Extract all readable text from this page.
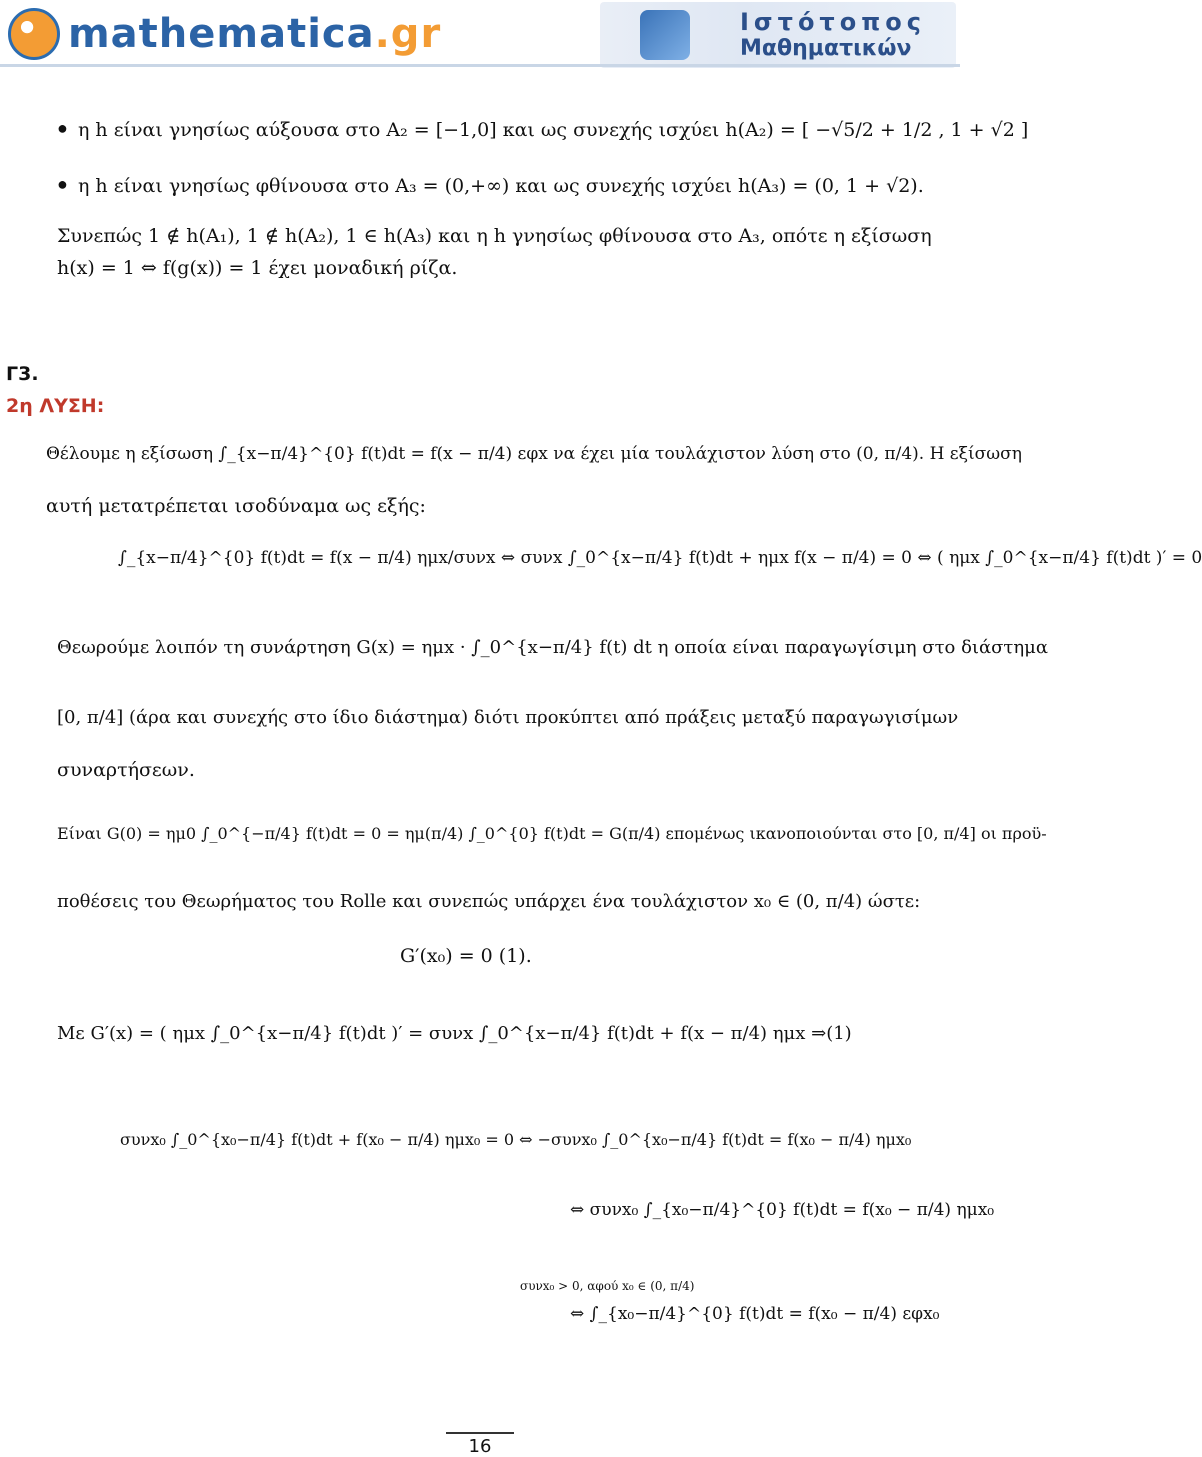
mathematica.gr	Ιστότοπος
Μαθηματικών
● η h είναι γνησίως αύξουσα στο A₂ = [−1,0] και ως συνεχής ισχύει h(A₂) = [ −√5/2 + 1/2 , 1 + √2 ]
● η h είναι γνησίως φθίνουσα στο A₃ = (0,+∞) και ως συνεχής ισχύει h(A₃) = (0, 1 + √2).
Συνεπώς 1 ∉ h(A₁), 1 ∉ h(A₂), 1 ∈ h(A₃) και η h γνησίως φθίνουσα στο A₃, οπότε η εξίσωση
h(x) = 1 ⇔ f(g(x)) = 1 έχει μοναδική ρίζα.
Γ3.
2η ΛΥΣΗ:
Θέλουμε η εξίσωση ∫_{x−π/4}^{0} f(t)dt = f(x − π/4) εφx να έχει μία τουλάχιστον λύση στο (0, π/4). Η εξίσωση
αυτή μετατρέπεται ισοδύναμα ως εξής:
∫_{x−π/4}^{0} f(t)dt = f(x − π/4) ημx/συνx ⇔ συνx ∫_0^{x−π/4} f(t)dt + ημx f(x − π/4) = 0 ⇔ ( ημx ∫_0^{x−π/4} f(t)dt )′ = 0
Θεωρούμε λοιπόν τη συνάρτηση G(x) = ημx · ∫_0^{x−π/4} f(t) dt η οποία είναι παραγωγίσιμη στο διάστημα
[0, π/4] (άρα και συνεχής στο ίδιο διάστημα) διότι προκύπτει από πράξεις μεταξύ παραγωγισίμων
συναρτήσεων.
Είναι G(0) = ημ0 ∫_0^{−π/4} f(t)dt = 0 = ημ(π/4) ∫_0^{0} f(t)dt = G(π/4) επομένως ικανοποιούνται στο [0, π/4] οι προϋ-
ποθέσεις του Θεωρήματος του Rolle και συνεπώς υπάρχει ένα τουλάχιστον x₀ ∈ (0, π/4) ώστε:
G′(x₀) = 0 (1).
Με G′(x) = ( ημx ∫_0^{x−π/4} f(t)dt )′ = συνx ∫_0^{x−π/4} f(t)dt + f(x − π/4) ημx ⇒(1)
συνx₀ ∫_0^{x₀−π/4} f(t)dt + f(x₀ − π/4) ημx₀ = 0 ⇔ −συνx₀ ∫_0^{x₀−π/4} f(t)dt = f(x₀ − π/4) ημx₀
⇔ συνx₀ ∫_{x₀−π/4}^{0} f(t)dt = f(x₀ − π/4) ημx₀
συνx₀ > 0, αφού x₀ ∈ (0, π/4)
⇔ ∫_{x₀−π/4}^{0} f(t)dt = f(x₀ − π/4) εφx₀
16
